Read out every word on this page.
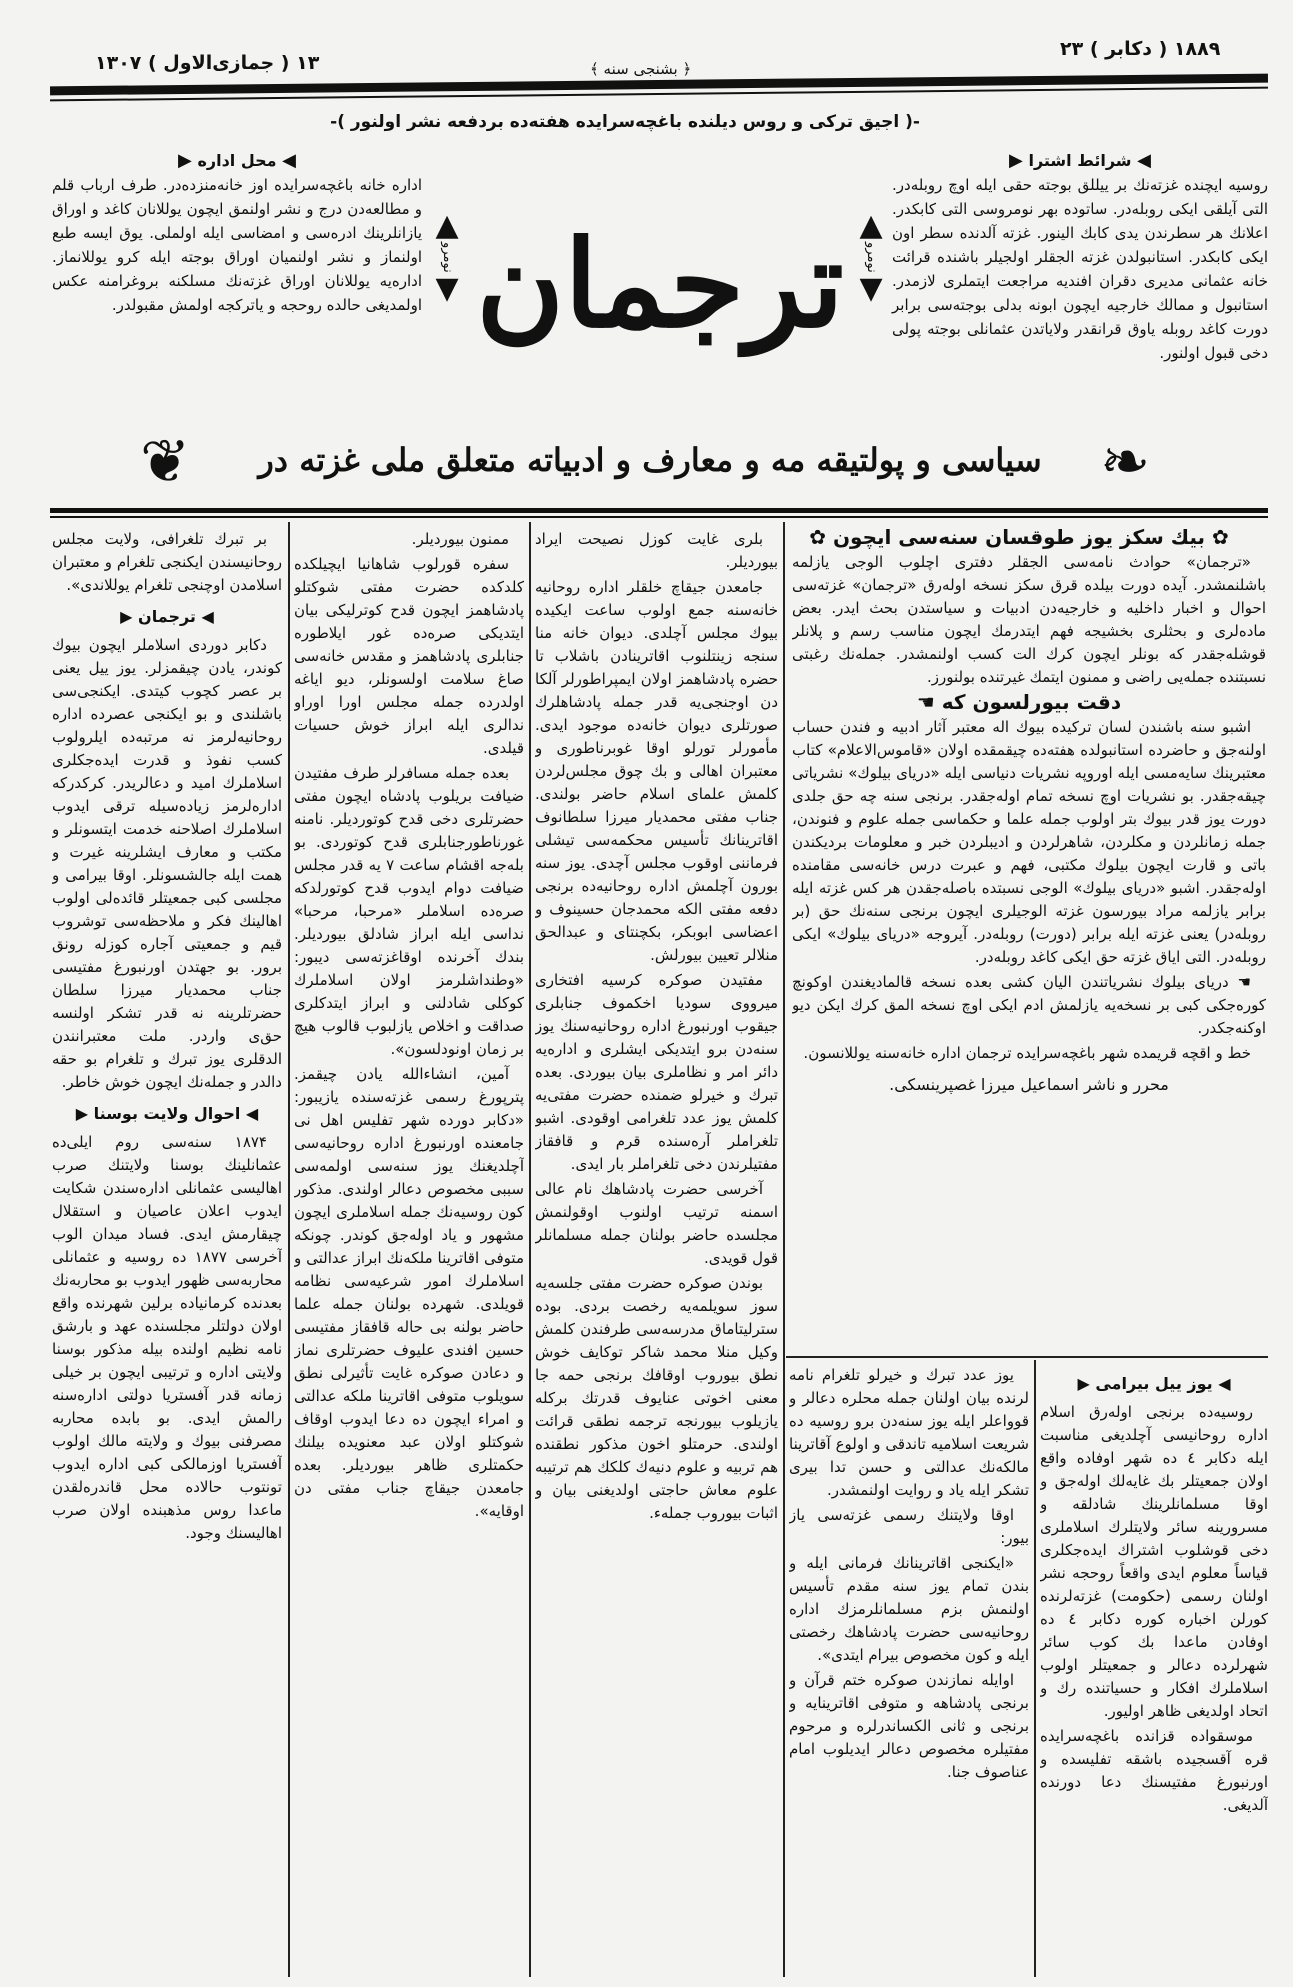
۱۳ ( جمازی‌الاول ) ۱۳۰۷	﴿ بشنجی سنه ﴾
۱۸۸۹ ( دکابر ) ۲۳
-( اجیق ترکی و روس دیلنده باغچه‌سرایده هفته‌ده بردفعه نشر اولنور )-
◀ محل اداره ▶
اداره خانه باغچه‌سرایده اوز خانه‌منزده‌در. طرف ارباب قلم و مطالعه‌دن درج و نشر اولنمق ایچون یوللانان کاغد و اوراق یازانلرینك ادره‌سی و امضاسی ایله اولملی. یوق ایسه طبع اولنماز و نشر اولنمیان اوراق بوجته ایله کرو یوللانماز. اداره‌یه یوللانان اوراق غزته‌نك مسلکنه بروغرامنه عکس اولمدیغی حالده روحجه و یاترکجه اولمش مقبولدر.
▲
نومرو
▼ ترجمان ▲
نومرو
▼
◀ شرائط اشترا ▶
روسیه ایچنده غزته‌نك بر ییللق بوجته حقی ایله اوچ روبله‌در. التی آیلقی ایکی روبله‌در. ساتوده بهر نومروسی التی کابکدر. اعلانك هر سطرندن یدی کابك الینور. غزته آلدنده سطر اون ایکی کابکدر. استانبولدن غزته الجقلر اولجیلر باشنده قرائت خانه عثمانی مدیری دقران افندیه مراجعت ایتملری لازمدر. استانبول و ممالك خارجیه ایچون ابونه بدلی بوجته‌سی برابر دورت کاغد روبله یاوق قرانقدر ولایاتدن عثمانلی بوجته پولی دخی قبول اولنور.
❦	سیاسی و پولتیقه مه و معارف و ادبیاته متعلق ملی غزته در ❧

بر تبرك تلغرافی، ولایت مجلس روحانیسندن ایکنجی تلغرام و معتبران اسلامدن اوچنجی تلغرام یوللاندی».

◀ ترجمان ▶

دکابر دوردی اسلاملر ایچون بیوك کوندر، یادن چیقمزلر. یوز ییل یعنی بر عصر کچوب کیتدی. ایکنجی‌سی باشلندی و بو ایکنجی عصرده اداره روحانیه‌لرمز نه مرتبه‌ده ایلرولوب کسب نفوذ و قدرت ایده‌جکلری اسلاملرك امید و دعالریدر. کرکدرکه اداره‌لرمز زیاده‌سیله ترقی ایدوب اسلاملرك اصلاحنه خدمت ایتسونلر و مکتب و معارف ایشلرینه غیرت و همت ایله جالشسونلر. اوقا بیرامی و مجلسی کبی جمعیتلر قائده‌لی اولوب اهالینك فکر و ملاحظه‌سی توشروب قیم و جمعیتی آجاره کوزله رونق برور. بو جهتدن اورنبورغ مفتیسی جناب محمدیار میرزا سلطان حضرتلرینه نه قدر تشکر اولنسه حق‌ی واردر. ملت معتبرانندن الدقلری یوز تبرك و تلغرام بو حقه دالدر و جمله‌نك ایچون خوش خاطر.

◀ احوال ولایت بوسنا ▶

۱۸۷۴ سنه‌سی روم ایلی‌ده عثمانلینك بوسنا ولایتنك صرب اهالیسی عثمانلی اداره‌سندن شکایت ایدوب اعلان عاصیان و استقلال چیقارمش ایدی. فساد میدان الوب آخرسی ۱۸۷۷ ده روسیه و عثمانلی محاربه‌سی ظهور ایدوب بو محاربه‌نك بعدنده کرمانیاده برلین شهرنده واقع اولان دولتلر مجلسنده عهد و بارشق نامه نظیم اولنده بیله مذکور بوسنا ولایتی اداره و ترتیبی ایچون بر خیلی زمانه قدر آفستریا دولتی اداره‌سنه رالمش ایدی. بو بابده محاربه مصرفنی بیوك و ولایته مالك اولوب آفستریا اوزمالکی کبی اداره ایدوب تونتوب حالاده محل قاندره‌لقدن ماعدا روس مذهبنده اولان صرب اهالیسنك وجود.

ممنون بیوردیلر.

سفره قورلوب شاهانیا ایچیلکده کلدکده حضرت مفتی شوکتلو پادشاهمز ایچون قدح کوترلیکی بیان ایتدیکی صره‌ده غور ایلاطوره جنابلری پادشاهمز و مقدس خانه‌سی صاغ سلامت اولسونلر، دیو ایاغه اولدرده جمله مجلس اورا اوراو ندالری ایله ابراز خوش حسیات قیلدی.

بعده جمله مسافرلر طرف مفتیدن ضیافت بریلوب پادشاه ایچون مفتی حضرتلری دخی قدح کوتوردیلر. نامنه غورناطورجنابلری قدح کوتوردی. بو بله‌جه اقشام ساعت ۷ یه قدر مجلس ضیافت دوام ایدوب قدح کوتورلدکه صره‌ده اسلاملر «مرحبا، مرحبا» نداسی ایله ابراز شادلق بیوردیلر. بندك آخرنده اوقاغزته‌سی دیبور: «وطنداشلرمز اولان اسلاملرك کوکلی شادلنی و ابراز ایتدکلری صداقت و اخلاص یازلبوب قالوب هیچ بر زمان اونودلسون».

آمین، انشاءالله یادن چیقمز. پترپورغ رسمی غزته‌سنده یازیبور: «دکابر دورده شهر تفلیس اهل نی جامعنده اورنبورغ اداره روحانیه‌سی آچلدیغنك یوز سنه‌سی اولمه‌سی سببی مخصوص دعالر اولندی. مذکور کون روسیه‌نك جمله اسلاملری ایچون مشهور و یاد اوله‌جق کوندر. چونکه متوفی اقاترینا ملکه‌نك ابراز عدالتی و اسلاملرك امور شرعیه‌سی نظامه قویلدی. شهرده بولنان جمله علما حاضر بولنه بی حاله قافقاز مفتیسی حسین افندی علیوف حضرتلری نماز و دعادن صوکره غایت تأثیرلی نطق سویلوب متوفی اقاترینا ملکه عدالتی و امراء ایچون ده دعا ایدوب اوقاف شوکتلو اولان عبد معنویده بیلنك حکمتلری ظاهر بیوردیلر. بعده جامعدن جیقاچ جناب مفتی دن اوقایه».

بلری غایت کوزل نصیحت ایراد بیوردیلر.

جامعدن جیقاچ خلقلر اداره روحانیه خانه‌سنه جمع اولوب ساعت ایکیده بیوك مجلس آچلدی. دیوان خانه منا سنجه زینتلنوب اقاترینادن باشلاب تا حضره پادشاهمز اولان ایمپراطورلر آلکا دن اوجنجی‌یه قدر جمله پادشاهلرك صورتلری دیوان خانه‌ده موجود ایدی. مأمورلر تورلو اوقا غوبرناطوری و معتبران اهالی و بك چوق مجلس‌لردن کلمش علمای اسلام حاضر بولندی. جناب مفتی محمدیار میرزا سلطانوف اقاترینانك تأسیس محکمه‌سی تیشلی فرماننی اوقوب مجلس آچدی. یوز سنه بورون آچلمش اداره روحانیه‌ده برنجی دفعه مفتی الکه محمدجان حسینوف و اعضاسی ابوبکر، بکچنتای و عبدالحق منلالر تعیین بیورلش.

مفتیدن صوکره کرسیه افتخاری میرووی سودیا اخکموف جنابلری جیقوب اورنبورغ اداره روحانیه‌سنك یوز سنه‌دن برو ایتدیکی ایشلری و اداره‌یه دائر امر و نظاملری بیان بیوردی. بعده تبرك و خیرلو ضمنده حضرت مفتی‌یه کلمش یوز عدد تلغرامی اوقودی. اشبو تلغراملر آره‌سنده قرم و قافقاز مفتیلرندن دخی تلغراملر بار ایدی.

آخرسی حضرت پادشاهك نام عالی اسمنه ترتیب اولنوب اوقولنمش مجلسده حاضر بولنان جمله مسلمانلر قول قویدی.

بوندن صوکره حضرت مفتی جلسه‌یه سوز سویلمه‌یه رخصت بردی. بوده سترلیتاماق مدرسه‌سی طرفندن کلمش وکیل منلا محمد شاکر توکایف خوش نطق بیوروب اوقافك برنجی حمه جا معنی اخوتی عنایوف قدرتك برکله یازیلوب بیورنجه ترجمه نطقی قرائت اولندی. حرمتلو اخون مذکور نطقنده هم تربیه و علوم دنیه‌ك کلکك هم ترتیبه علوم معاش حاجتی اولدیغنی بیان و اثبات بیوروب جملهء.

✿ بیك سکز یوز طوقسان سنه‌سی ایچون ✿

«ترجمان» حوادث نامه‌سی الجقلر دفتری اچلوب الوجی یازلمه باشلنمشدر. آیده دورت بیلده قرق سکز نسخه اوله‌رق «ترجمان» غزته‌سی احوال و اخبار داخلیه و خارجیه‌دن ادبیات و سیاستدن بحث ایدر. بعض ماده‌لری و بحثلری بخشیجه فهم ایتدرمك ایچون مناسب رسم و پلانلر قوشله‌جقدر که بونلر ایچون کرك الت کسب اولنمشدر. جمله‌نك رغبتی نسبتنده جمله‌یی راضی و ممنون ایتمك غیرتنده بولنورز.

دقت بیورلسون که ☚

اشبو سنه باشندن لسان ترکیده بیوك اله معتبر آثار ادبیه و فندن حساب اولنه‌جق و حاضرده استانبولده هفته‌ده چیقمقده اولان «قاموس‌الاعلام» کتاب معتبرینك سایه‌مسی ایله اوروپه نشریات دنیاسی ایله «دریای بیلوك» نشریاتی چیقه‌جقدر. بو نشریات اوچ نسخه تمام اوله‌جقدر. برنجی سنه چه حق جلدی دورت یوز قدر بیوك بتر اولوب جمله علما و حکماسی جمله علوم و فنوندن، جمله زمانلردن و مکلردن، شاهرلردن و ادیبلردن خبر و معلومات بردیکندن باتی و قارت ایچون بیلوك مکتبی، فهم و عبرت درس خانه‌سی مقامنده اوله‌جقدر. اشبو «دریای بیلوك» الوجی نسبتده باصله‌جقدن هر کس غزته ایله برابر یازلمه مراد بیورسون غزته الوجیلری ایچون برنجی سنه‌نك حق (بر روبله‌در) یعنی غزته ایله برابر (دورت) روبله‌در. آیروجه «دریای بیلوك» ایکی روبله‌در. التی ایاق غزته حق ایکی کاغد روبله‌در.

☚ دریای بیلوك نشریاتندن الیان کشی بعده نسخه قالمادیغندن اوکونچ کوره‌جکی کبی بر نسخه‌یه یازلمش ادم ایکی اوچ نسخه المق کرك ایکن دیو اوکنه‌جکدر.

خط و اقچه قریمده شهر باغچه‌سرایده ترجمان اداره خانه‌سنه یوللانسون.

محرر و ناشر اسماعیل میرزا غصپرینسکی.

یوز عدد تبرك و خیرلو تلغرام نامه لرنده بیان اولنان جمله محلره دعالر و قوواعلر ایله یوز سنه‌دن برو روسیه ده شریعت اسلامیه تاندقی و اولوع آقاترینا مالکه‌نك عدالتی و حسن تدا بیری تشکر ایله یاد و روایت اولنمشدر.

اوقا ولایتنك رسمی غزته‌سی یاز بیور:

«ایکنجی اقاترینانك فرمانی ایله و بندن تمام یوز سنه مقدم تأسیس اولنمش بزم مسلمانلرمزك اداره روحانیه‌سی حضرت پادشاهك رخصتی ایله و کون مخصوص بیرام ایتدی».

اوایله نمازندن صوکره ختم قرآن و برنجی پادشاهه و متوفی اقاترینایه و برنجی و ثانی الکساندرلره و مرحوم مفتیلره مخصوص دعالر ایدیلوب امام عناصوف جنا.

◀ یوز ییل بیرامی ▶

روسیه‌ده برنجی اوله‌رق اسلام اداره روحانیسی آچلدیغی مناسبت ایله دکابر ٤ ده شهر اوفاده واقع اولان جمعیتلر بك غایه‌لك اوله‌جق و اوقا مسلمانلرینك شادلقه و مسرورینه سائر ولایتلرك اسلاملری دخی قوشلوب اشتراك ایده‌جکلری قیاساً معلوم ایدی واقعاً روحجه نشر اولنان رسمی (حکومت) غزته‌لرنده کورلن اخباره کوره دکابر ٤ ده اوفادن ماعدا بك کوب سائر شهرلرده دعالر و جمعیتلر اولوب اسلاملرك افکار و حسیاتنده رك و اتحاد اولدیغی ظاهر اولیور.

موسقواده قزانده باغچه‌سرایده قره آقسجیده باشقه تفلیسده و اورنبورغ مفتیسنك دعا دورنده آلدیغی.
